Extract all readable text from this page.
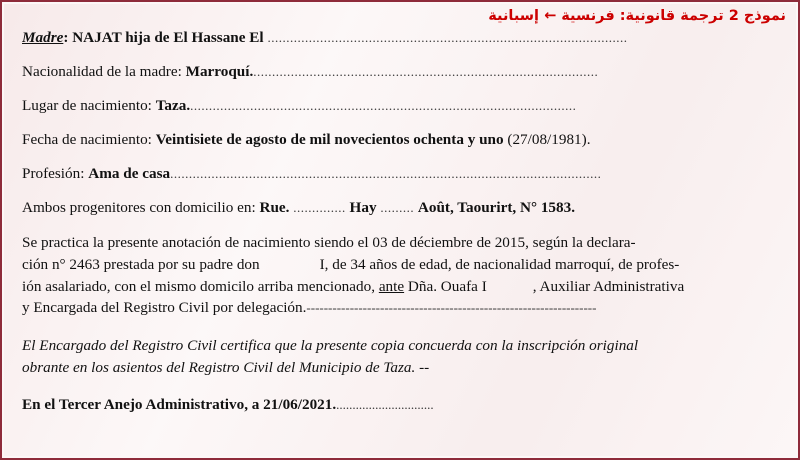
نموذج 2 ترجمة قانونية: فرنسية ← إسبانية
Madre: NAJAT hija de El Hassane El ................................................................................................
Nacionalidad de la madre: Marroquí.............................................................................................
Lugar de nacimiento: Taza........................................................................................................
Fecha de nacimiento: Veintisiete de agosto de mil novecientos ochenta y uno (27/08/1981).
Profesión: Ama de casa...................................................................................................................
Ambos progenitores con domicilio en: Rue. .............. Hay ......... Août, Taourirt, N° 1583.
Se practica la presente anotación de nacimiento siendo el 03 de déciembre de 2015, según la declara-
ción n° 2463 prestada por su padre don	I, de 34 años de edad, de nacionalidad marroquí, de profes-
ión asalariado, con el mismo domicilo arriba mencionado, ante Dña. Ouafa I	, Auxiliar Administrativa
y Encargada del Registro Civil por delegación.-------------------------------------------------------------------
El Encargado del Registro Civil certifica que la presente copia concuerda con la inscripción original
obrante en los asientos del Registro Civil del Municipio de Taza. --
En el Tercer Anejo Administrativo, a 21/06/2021...............................
